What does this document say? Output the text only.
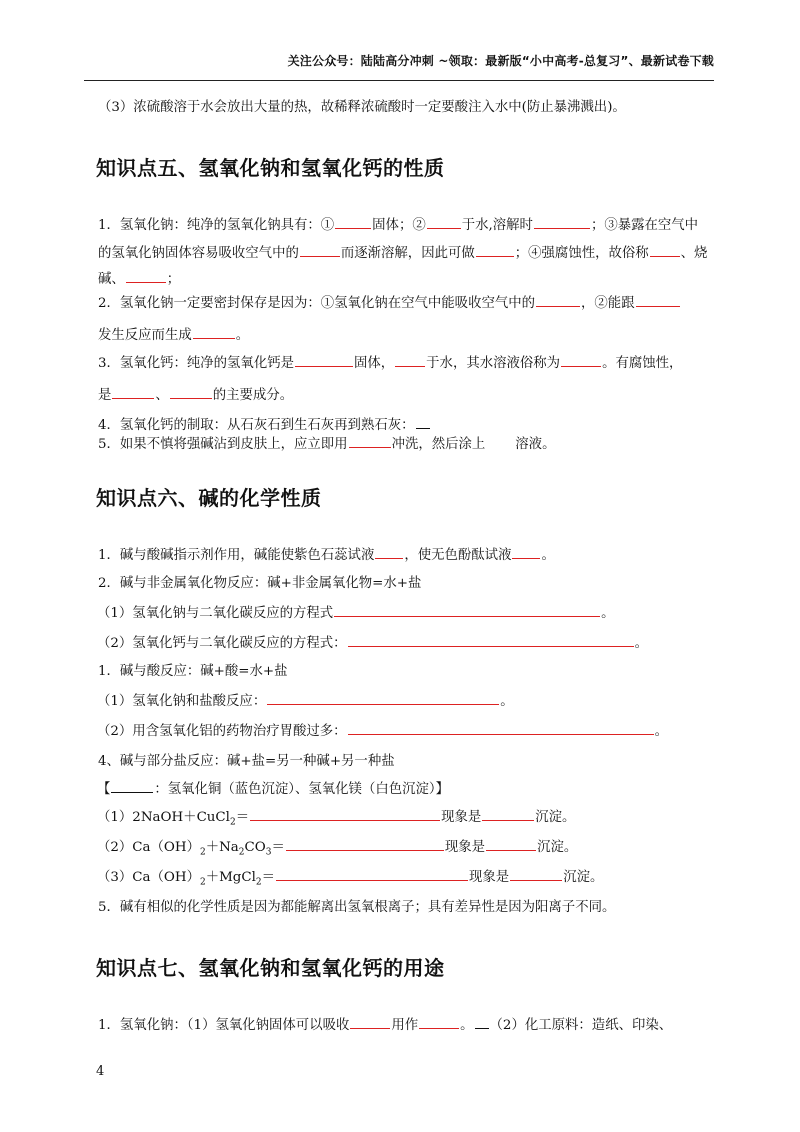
关注公众号：陆陆高分冲刺 ~领取：最新版“小中高考-总复习”、最新试卷下载
（3）浓硫酸溶于水会放出大量的热，故稀释浓硫酸时一定要酸注入水中(防止暴沸溅出)。
知识点五、氢氧化钠和氢氧化钙的性质
1．氢氧化钠：纯净的氢氧化钠具有：①	固体；②	于水,溶解时	；③暴露在空气中
的氢氧化钠固体容易吸收空气中的	而逐渐溶解，因此可做	；④强腐蚀性，故俗称 、烧
碱、	；
2．氢氧化钠一定要密封保存是因为：①氢氧化钠在空气中能吸收空气中的	，②能跟
发生反应而生成	。
3．氢氧化钙：纯净的氢氧化钙是	固体， 于水，其水溶液俗称为	。有腐蚀性，
是	、	的主要成分。
4．氢氧化钙的制取：从石灰石到生石灰再到熟石灰：
5．如果不慎将强碱沾到皮肤上，应立即用	冲洗，然后涂上 溶液。
知识点六、碱的化学性质
1．碱与酸碱指示剂作用，碱能使紫色石蕊试液 ，使无色酚酞试液 。
2．碱与非金属氧化物反应：碱+非金属氧化物=水+盐
（1）氢氧化钠与二氧化碳反应的方程式	。
（2）氢氧化钙与二氧化碳反应的方程式：	。
1．碱与酸反应：碱+酸=水+盐
（1）氢氧化钠和盐酸反应：	。
（2）用含氢氧化铝的药物治疗胃酸过多：	。
4、碱与部分盐反应：碱+盐=另一种碱+另一种盐
【	：氢氧化铜（蓝色沉淀）、氢氧化镁（白色沉淀）】
（1）2NaOH＋CuCl$_2$＝	现象是	沉淀。
$(2)Ca(OH)_2+Na_2CO_3=$	现象是	沉淀。
$(3)Ca(OH)_2+MgCl_2=$	现象是	沉淀。
5．碱有相似的化学性质是因为都能解离出氢氧根离子；具有差异性是因为阳离子不同。
知识点七、氢氧化钠和氢氧化钙的用途
1．氢氧化钠：（1）氢氧化钠固体可以吸收	用作	。 （2）化工原料：造纸、印染、
4
